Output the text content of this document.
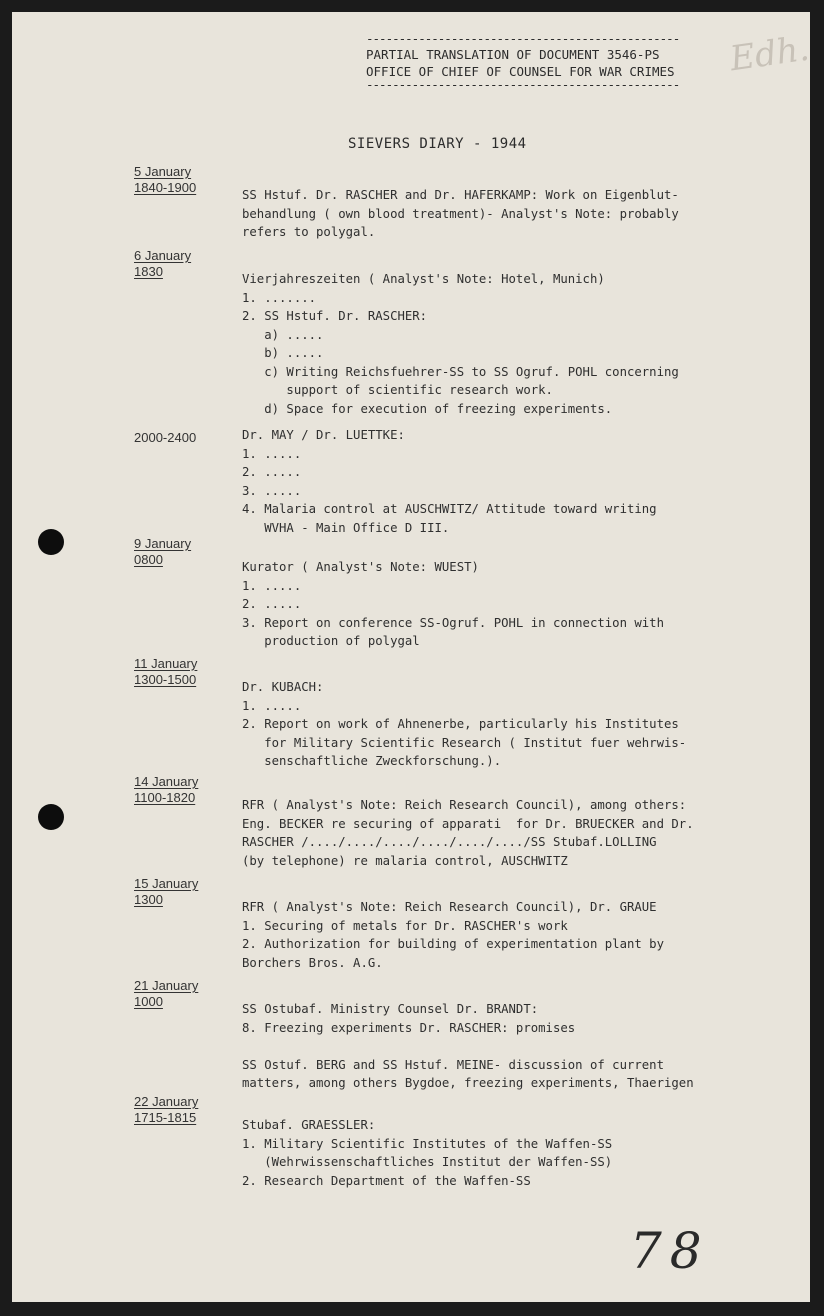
------------------------------------------------
PARTIAL TRANSLATION OF DOCUMENT 3546-PS
OFFICE OF CHIEF OF COUNSEL FOR WAR CRIMES
------------------------------------------------
Edh.
SIEVERS DIARY - 1944
5 January
1840-1900	SS Hstuf. Dr. RASCHER and Dr. HAFERKAMP: Work on Eigenblut-
behandlung ( own blood treatment)- Analyst's Note: probably
refers to polygal.
6 January
1830	Vierjahreszeiten ( Analyst's Note: Hotel, Munich)
1. .......
2. SS Hstuf. Dr. RASCHER:
a) .....
b) .....
c) Writing Reichsfuehrer-SS to SS Ogruf. POHL concerning
support of scientific research work.
d) Space for execution of freezing experiments.
2000-2400	Dr. MAY / Dr. LUETTKE:
1. .....
2. .....
3. .....
4. Malaria control at AUSCHWITZ/ Attitude toward writing
WVHA - Main Office D III.
9 January
0800	Kurator ( Analyst's Note: WUEST)
1. .....
2. .....
3. Report on conference SS-Ogruf. POHL in connection with
production of polygal
11 January
1300-1500	Dr. KUBACH:
1. .....
2. Report on work of Ahnenerbe, particularly his Institutes
for Military Scientific Research ( Institut fuer wehrwis-
senschaftliche Zweckforschung.).
14 January
1100-1820	RFR ( Analyst's Note: Reich Research Council), among others:
Eng. BECKER re securing of apparati  for Dr. BRUECKER and Dr.
RASCHER /..../..../..../..../..../..../SS Stubaf.LOLLING
(by telephone) re malaria control, AUSCHWITZ
15 January
1300	RFR ( Analyst's Note: Reich Research Council), Dr. GRAUE
1. Securing of metals for Dr. RASCHER's work
2. Authorization for building of experimentation plant by
Borchers Bros. A.G.
21 January
1000	SS Ostubaf. Ministry Counsel Dr. BRANDT:
8. Freezing experiments Dr. RASCHER: promises
SS Ostuf. BERG and SS Hstuf. MEINE- discussion of current
matters, among others Bygdoe, freezing experiments, Thaerigen
22 January
1715-1815	Stubaf. GRAESSLER:
1. Military Scientific Institutes of the Waffen-SS
(Wehrwissenschaftliches Institut der Waffen-SS)
2. Research Department of the Waffen-SS
78
